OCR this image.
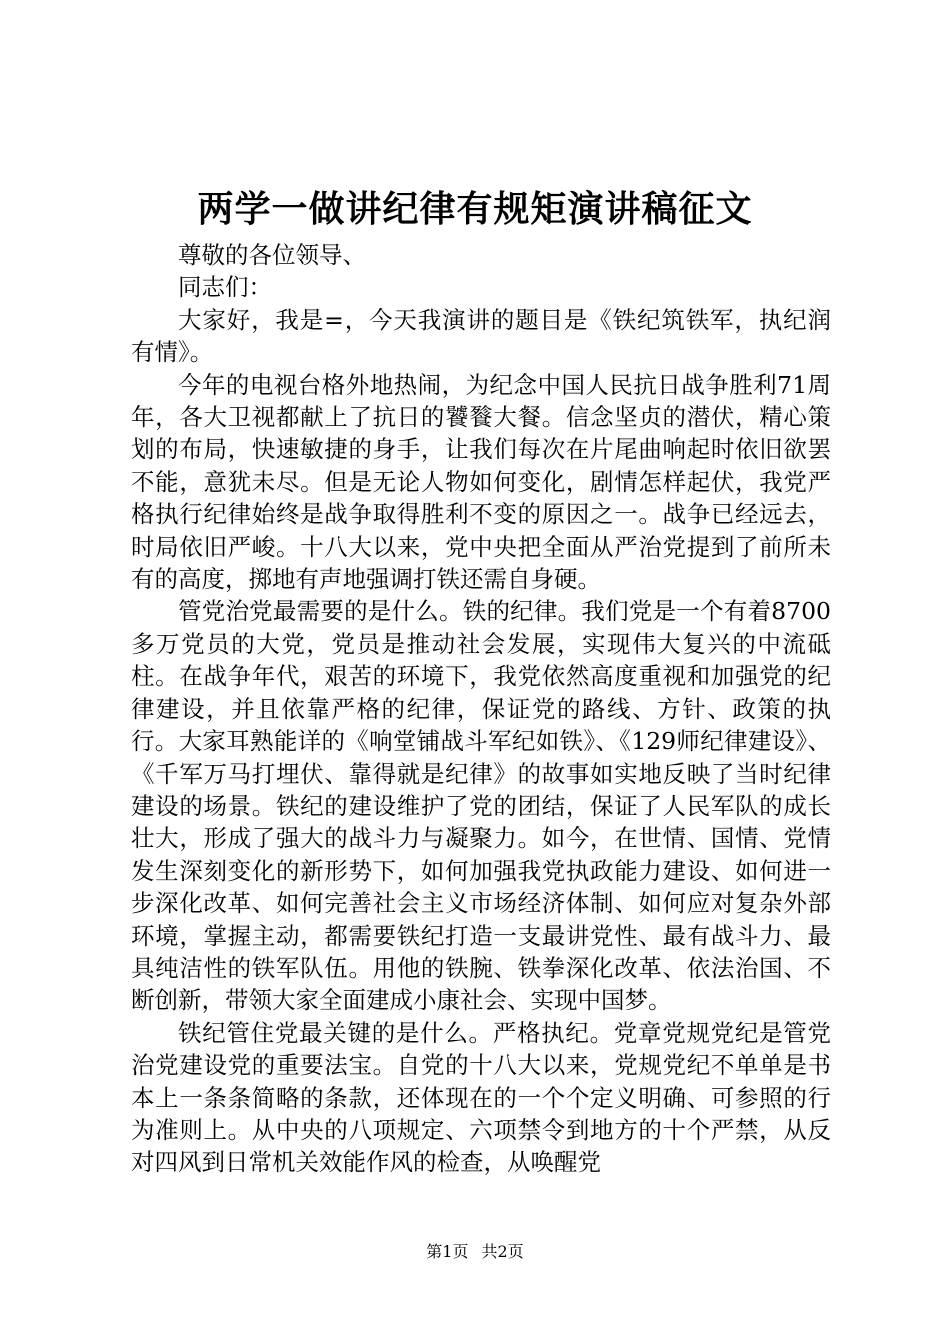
两学一做讲纪律有规矩演讲稿征文

尊敬的各位领导、

同志们：

大家好，我是=，今天我演讲的题目是《铁纪筑铁军，执纪润有情》。

今年的电视台格外地热闹，为纪念中国人民抗日战争胜利71周年，各大卫视都献上了抗日的饕餮大餐。信念坚贞的潜伏，精心策划的布局，快速敏捷的身手，让我们每次在片尾曲响起时依旧欲罢不能，意犹未尽。但是无论人物如何变化，剧情怎样起伏，我党严格执行纪律始终是战争取得胜利不变的原因之一。战争已经远去，时局依旧严峻。十八大以来，党中央把全面从严治党提到了前所未有的高度，掷地有声地强调打铁还需自身硬。

管党治党最需要的是什么。铁的纪律。我们党是一个有着8700多万党员的大党，党员是推动社会发展，实现伟大复兴的中流砥柱。在战争年代，艰苦的环境下，我党依然高度重视和加强党的纪律建设，并且依靠严格的纪律，保证党的路线、方针、政策的执行。大家耳熟能详的《响堂铺战斗军纪如铁》、《129师纪律建设》、《千军万马打埋伏、靠得就是纪律》的故事如实地反映了当时纪律建设的场景。铁纪的建设维护了党的团结，保证了人民军队的成长壮大，形成了强大的战斗力与凝聚力。如今，在世情、国情、党情发生深刻变化的新形势下，如何加强我党执政能力建设、如何进一步深化改革、如何完善社会主义市场经济体制、如何应对复杂外部环境，掌握主动，都需要铁纪打造一支最讲党性、最有战斗力、最具纯洁性的铁军队伍。用他的铁腕、铁拳深化改革、依法治国、不断创新，带领大家全面建成小康社会、实现中国梦。

铁纪管住党最关键的是什么。严格执纪。党章党规党纪是管党治党建设党的重要法宝。自党的十八大以来，党规党纪不单单是书本上一条条简略的条款，还体现在的一个个定义明确、可参照的行为准则上。从中央的八项规定、六项禁令到地方的十个严禁，从反对四风到日常机关效能作风的检查，从唤醒党

第1页 共2页
